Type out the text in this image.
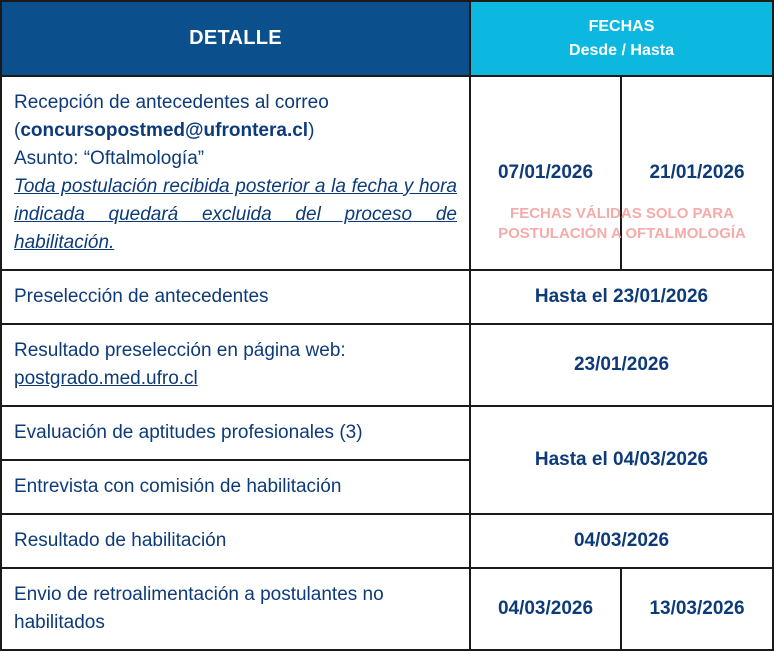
DETALLE	FECHAS
Desde / Hasta	

Recepción de antecedentes al correo
(concursopostmed@ufrontera.cl)
Asunto: “Oftalmología”
Toda postulación recibida posterior a la fecha y hora indicada quedará excluida del proceso de habilitación.	07/01/2026	21/01/2026
Preselección de antecedentes	Hasta el 23/01/2026	

Resultado preselección en página web:
postgrado.med.ufro.cl	23/01/2026	
Evaluación de aptitudes profesionales (3)	Hasta el 04/03/2026	
Entrevista con comisión de habilitación		
Resultado de habilitación	04/03/2026	
Envio de retroalimentación a postulantes no habilitados	04/03/2026	13/03/2026
FECHAS VÁLIDAS SOLO PARA
POSTULACIÓN A OFTALMOLOGÍA
